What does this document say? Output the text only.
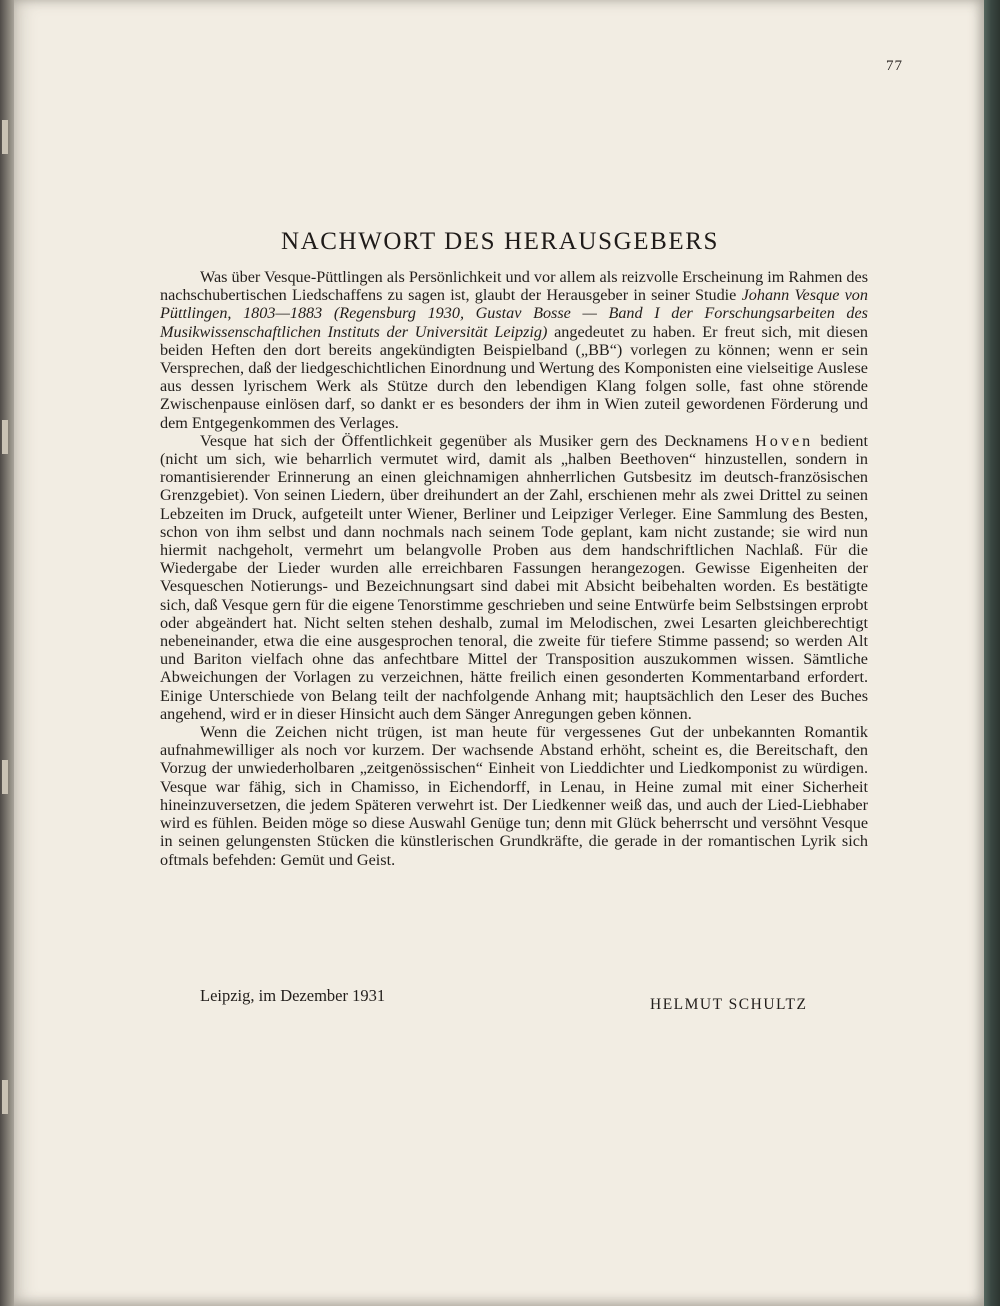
77
NACHWORT DES HERAUSGEBERS

Was über Vesque-Püttlingen als Persönlichkeit und vor allem als reizvolle Erscheinung im Rahmen des nachschubertischen Liedschaffens zu sagen ist, glaubt der Herausgeber in seiner Studie Johann Vesque von Püttlingen, 1803—1883 (Regensburg 1930, Gustav Bosse — Band I der Forschungsarbeiten des Musikwissenschaftlichen Instituts der Universität Leipzig) angedeutet zu haben. Er freut sich, mit diesen beiden Heften den dort bereits angekündigten Beispielband („BB“) vorlegen zu können; wenn er sein Versprechen, daß der liedgeschichtlichen Einordnung und Wertung des Komponisten eine vielseitige Auslese aus dessen lyrischem Werk als Stütze durch den lebendigen Klang folgen solle, fast ohne störende Zwischenpause einlösen darf, so dankt er es besonders der ihm in Wien zuteil gewordenen Förderung und dem Entgegenkommen des Verlages.

Vesque hat sich der Öffentlichkeit gegenüber als Musiker gern des Decknamens Hoven bedient (nicht um sich, wie beharrlich vermutet wird, damit als „halben Beethoven“ hinzustellen, sondern in romantisierender Erinnerung an einen gleichnamigen ahnherrlichen Gutsbesitz im deutsch-französischen Grenzgebiet). Von seinen Liedern, über dreihundert an der Zahl, erschienen mehr als zwei Drittel zu seinen Lebzeiten im Druck, aufgeteilt unter Wiener, Berliner und Leipziger Verleger. Eine Sammlung des Besten, schon von ihm selbst und dann nochmals nach seinem Tode geplant, kam nicht zustande; sie wird nun hiermit nachgeholt, vermehrt um belangvolle Proben aus dem handschriftlichen Nachlaß. Für die Wiedergabe der Lieder wurden alle erreichbaren Fassungen herangezogen. Gewisse Eigenheiten der Vesqueschen Notierungs- und Bezeichnungsart sind dabei mit Absicht beibehalten worden. Es bestätigte sich, daß Vesque gern für die eigene Tenorstimme geschrieben und seine Entwürfe beim Selbstsingen erprobt oder abgeändert hat. Nicht selten stehen deshalb, zumal im Melodischen, zwei Lesarten gleichberechtigt nebeneinander, etwa die eine ausgesprochen tenoral, die zweite für tiefere Stimme passend; so werden Alt und Bariton vielfach ohne das anfechtbare Mittel der Transposition auszukommen wissen. Sämtliche Abweichungen der Vorlagen zu verzeichnen, hätte freilich einen gesonderten Kommentarband erfordert. Einige Unterschiede von Belang teilt der nachfolgende Anhang mit; hauptsächlich den Leser des Buches angehend, wird er in dieser Hinsicht auch dem Sänger Anregungen geben können.

Wenn die Zeichen nicht trügen, ist man heute für vergessenes Gut der unbekannten Romantik aufnahmewilliger als noch vor kurzem. Der wachsende Abstand erhöht, scheint es, die Bereitschaft, den Vorzug der unwiederholbaren „zeitgenössischen“ Einheit von Lieddichter und Liedkomponist zu würdigen. Vesque war fähig, sich in Chamisso, in Eichendorff, in Lenau, in Heine zumal mit einer Sicherheit hineinzuversetzen, die jedem Späteren verwehrt ist. Der Liedkenner weiß das, und auch der Lied-Liebhaber wird es fühlen. Beiden möge so diese Auswahl Genüge tun; denn mit Glück beherrscht und versöhnt Vesque in seinen gelungensten Stücken die künstlerischen Grundkräfte, die gerade in der romantischen Lyrik sich oftmals befehden: Gemüt und Geist.

Leipzig, im Dezember 1931	HELMUT SCHULTZ
